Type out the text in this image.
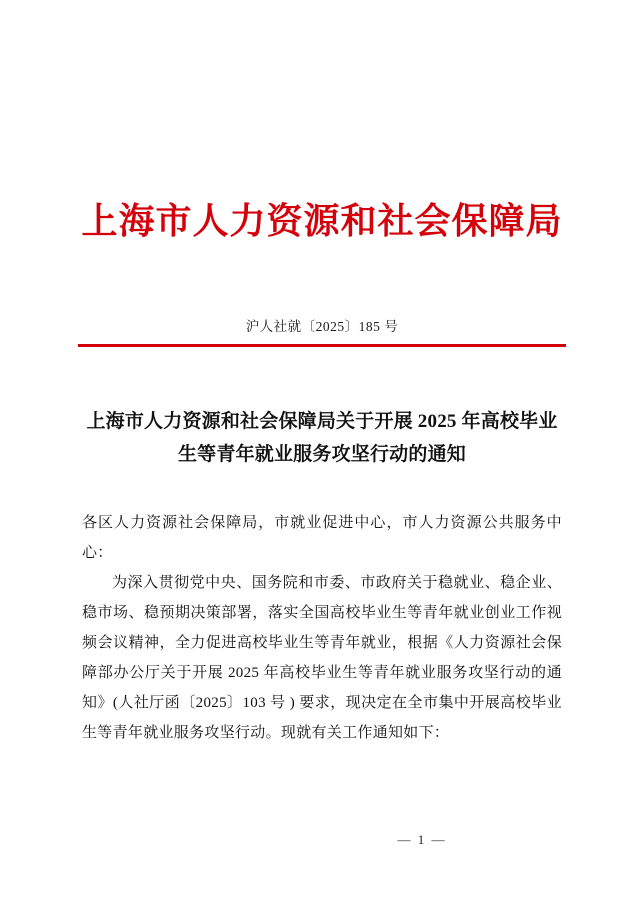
上海市人力资源和社会保障局
沪人社就〔2025〕185 号
上海市人力资源和社会保障局关于开展 2025 年高校毕业生等青年就业服务攻坚行动的通知

各区人力资源社会保障局，市就业促进中心，市人力资源公共服务中心：

为深入贯彻党中央、国务院和市委、市政府关于稳就业、稳企业、稳市场、稳预期决策部署，落实全国高校毕业生等青年就业创业工作视频会议精神，全力促进高校毕业生等青年就业，根据《人力资源社会保障部办公厅关于开展 2025 年高校毕业生等青年就业服务攻坚行动的通知》(人社厅函〔2025〕103 号 ) 要求，现决定在全市集中开展高校毕业生等青年就业服务攻坚行动。现就有关工作通知如下：

— 1 —
